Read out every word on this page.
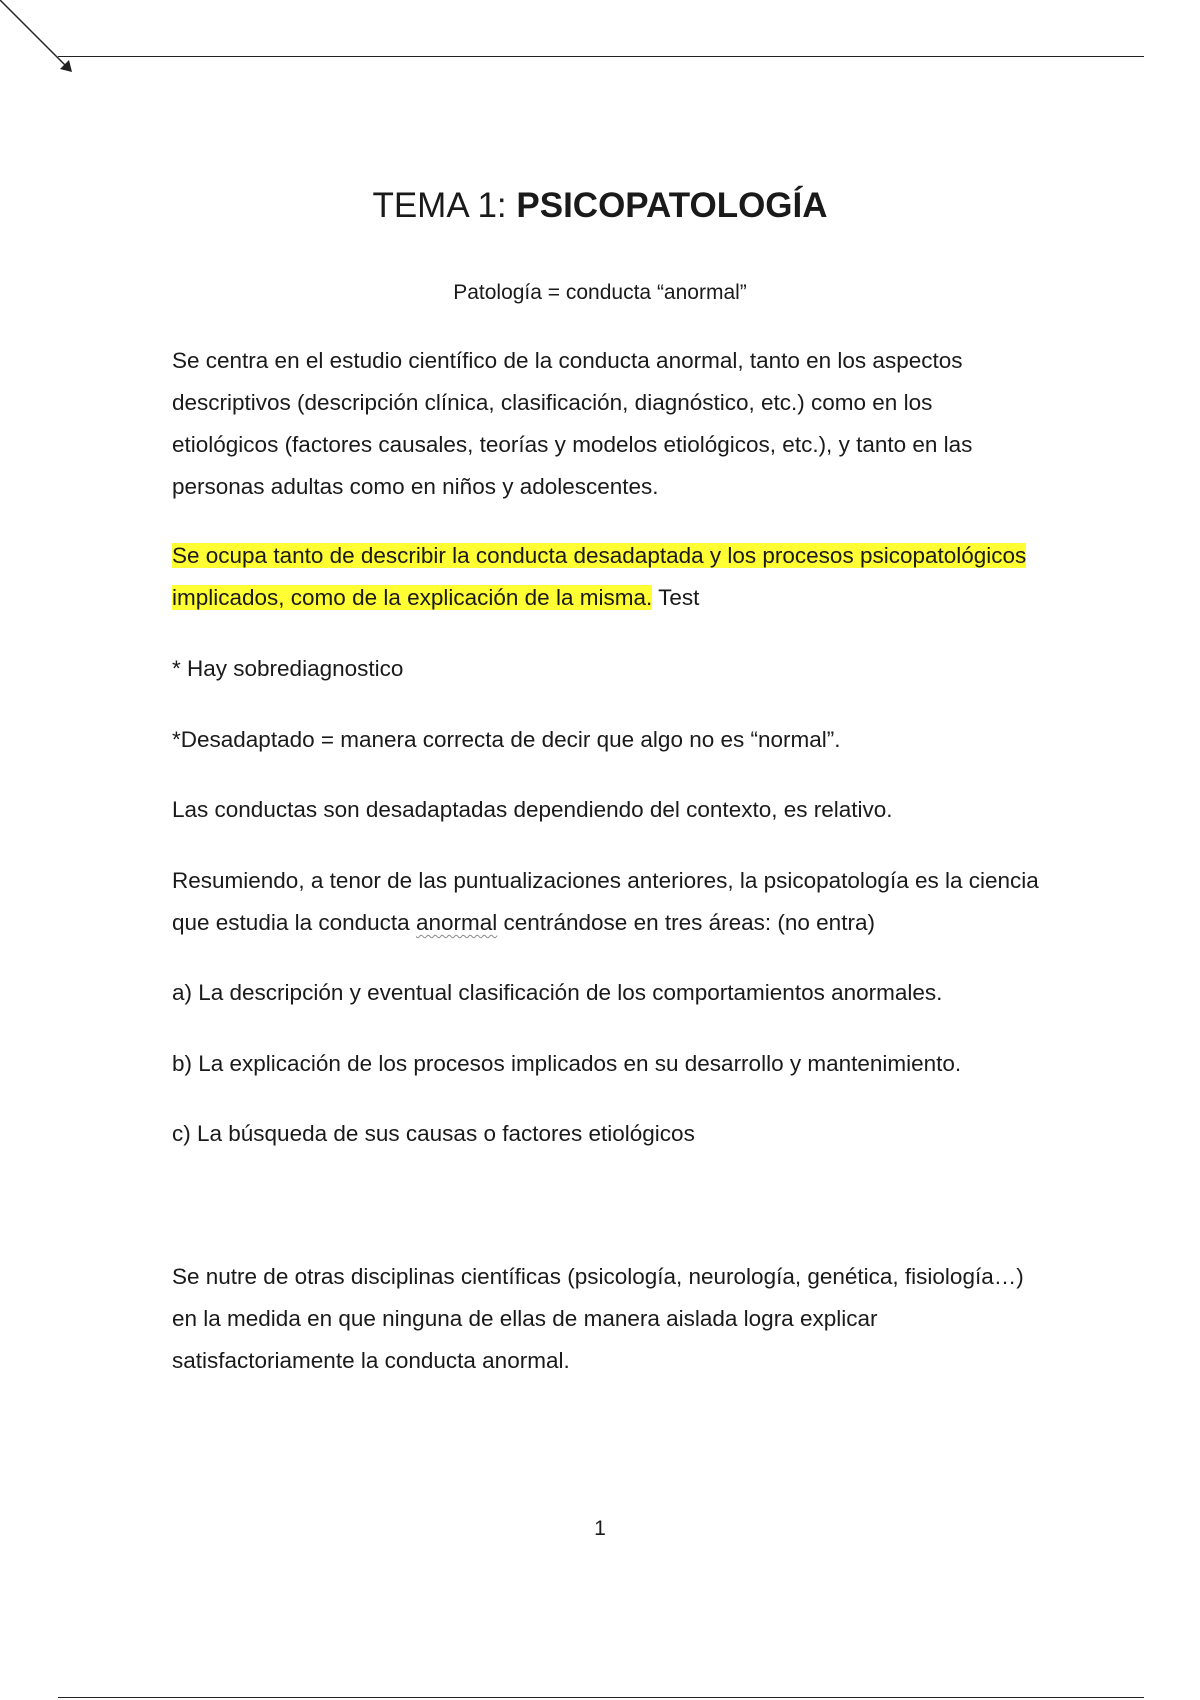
TEMA 1: PSICOPATOLOGÍA
Patología = conducta “anormal”

Se centra en el estudio científico de la conducta anormal, tanto en los aspectos descriptivos (descripción clínica, clasificación, diagnóstico, etc.) como en los etiológicos (factores causales, teorías y modelos etiológicos, etc.), y tanto en las personas adultas como en niños y adolescentes.

Se ocupa tanto de describir la conducta desadaptada y los procesos psicopatológicos implicados, como de la explicación de la misma. Test

* Hay sobrediagnostico

*Desadaptado = manera correcta de decir que algo no es “normal”.

Las conductas son desadaptadas dependiendo del contexto, es relativo.

Resumiendo, a tenor de las puntualizaciones anteriores, la psicopatología es la ciencia que estudia la conducta anormal centrándose en tres áreas: (no entra)

a) La descripción y eventual clasificación de los comportamientos anormales.

b) La explicación de los procesos implicados en su desarrollo y mantenimiento.

c) La búsqueda de sus causas o factores etiológicos

Se nutre de otras disciplinas científicas (psicología, neurología, genética, fisiología…) en la medida en que ninguna de ellas de manera aislada logra explicar satisfactoriamente la conducta anormal.

1
